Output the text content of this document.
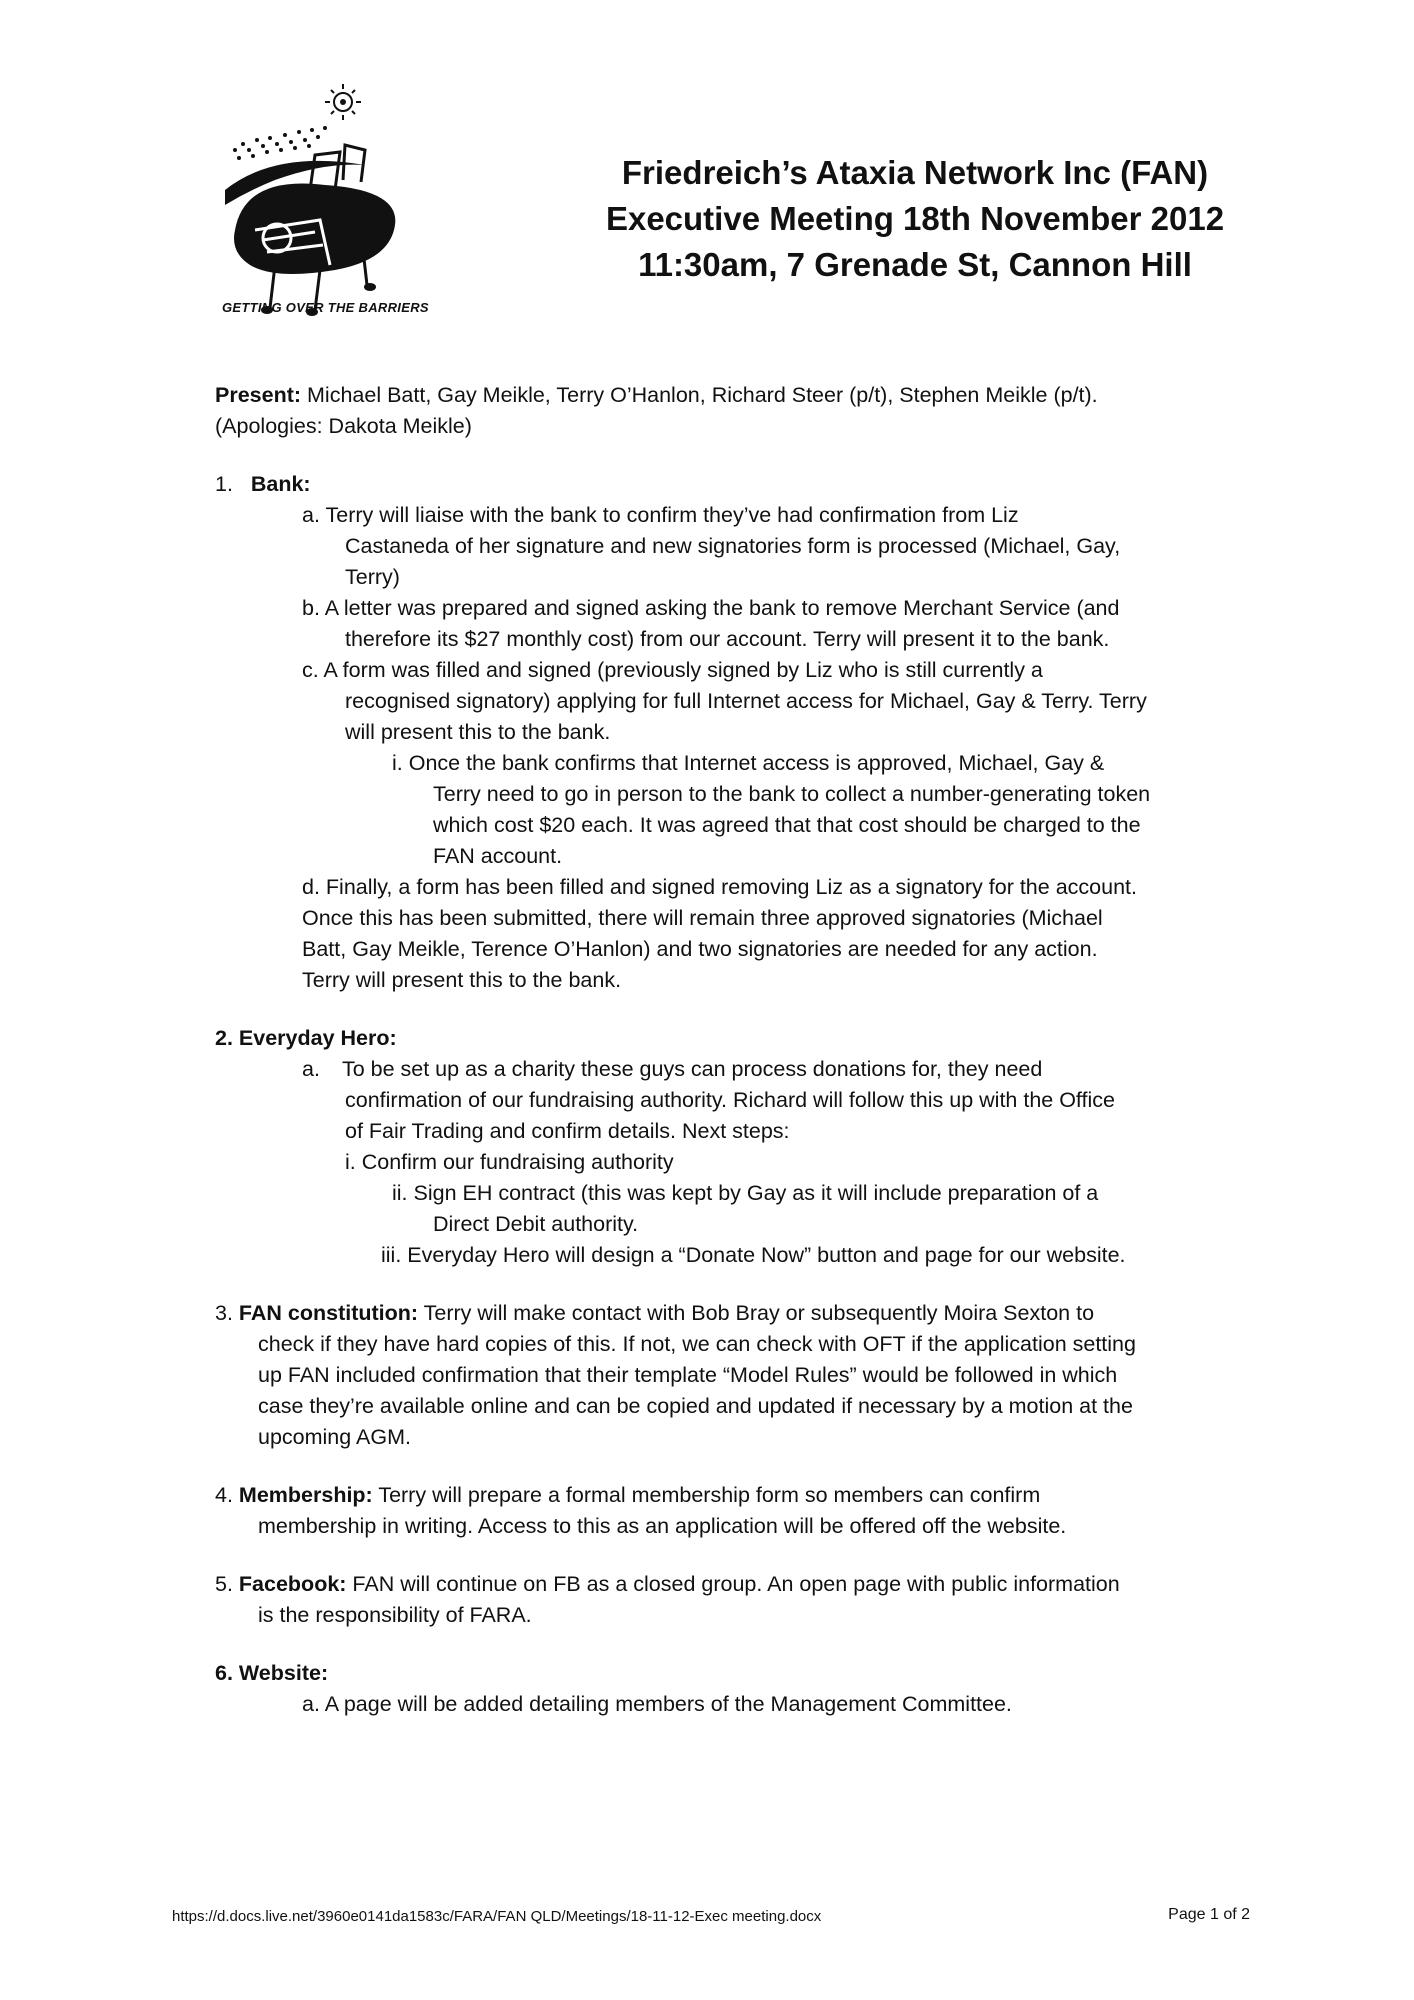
GETTING OVER THE BARRIERS
Friedreich’s Ataxia Network Inc (FAN)
Executive Meeting 18th November 2012
11:30am, 7 Grenade St, Cannon Hill
Present: Michael Batt, Gay Meikle, Terry O’Hanlon, Richard Steer (p/t), Stephen Meikle (p/t).
(Apologies: Dakota Meikle)
1. Bank:
a. Terry will liaise with the bank to confirm they’ve had confirmation from Liz
Castaneda of her signature and new signatories form is processed (Michael, Gay,
Terry)
b. A letter was prepared and signed asking the bank to remove Merchant Service (and
therefore its $27 monthly cost) from our account. Terry will present it to the bank.
c. A form was filled and signed (previously signed by Liz who is still currently a
recognised signatory) applying for full Internet access for Michael, Gay & Terry. Terry
will present this to the bank.
i. Once the bank confirms that Internet access is approved, Michael, Gay &
Terry need to go in person to the bank to collect a number-generating token
which cost $20 each. It was agreed that that cost should be charged to the
FAN account.
d. Finally, a form has been filled and signed removing Liz as a signatory for the account.
Once this has been submitted, there will remain three approved signatories (Michael
Batt, Gay Meikle, Terence O’Hanlon) and two signatories are needed for any action.
Terry will present this to the bank.
2. Everyday Hero:
a. To be set up as a charity these guys can process donations for, they need
confirmation of our fundraising authority. Richard will follow this up with the Office
of Fair Trading and confirm details. Next steps:
i. Confirm our fundraising authority
ii. Sign EH contract (this was kept by Gay as it will include preparation of a
Direct Debit authority.
iii. Everyday Hero will design a “Donate Now” button and page for our website.
3. FAN constitution: Terry will make contact with Bob Bray or subsequently Moira Sexton to
check if they have hard copies of this. If not, we can check with OFT if the application setting
up FAN included confirmation that their template “Model Rules” would be followed in which
case they’re available online and can be copied and updated if necessary by a motion at the
upcoming AGM.
4. Membership: Terry will prepare a formal membership form so members can confirm
membership in writing. Access to this as an application will be offered off the website.
5. Facebook: FAN will continue on FB as a closed group. An open page with public information
is the responsibility of FARA.
6. Website:
a. A page will be added detailing members of the Management Committee.
https://d.docs.live.net/3960e0141da1583c/FARA/FAN QLD/Meetings/18-11-12-Exec meeting.docx	Page 1 of 2
